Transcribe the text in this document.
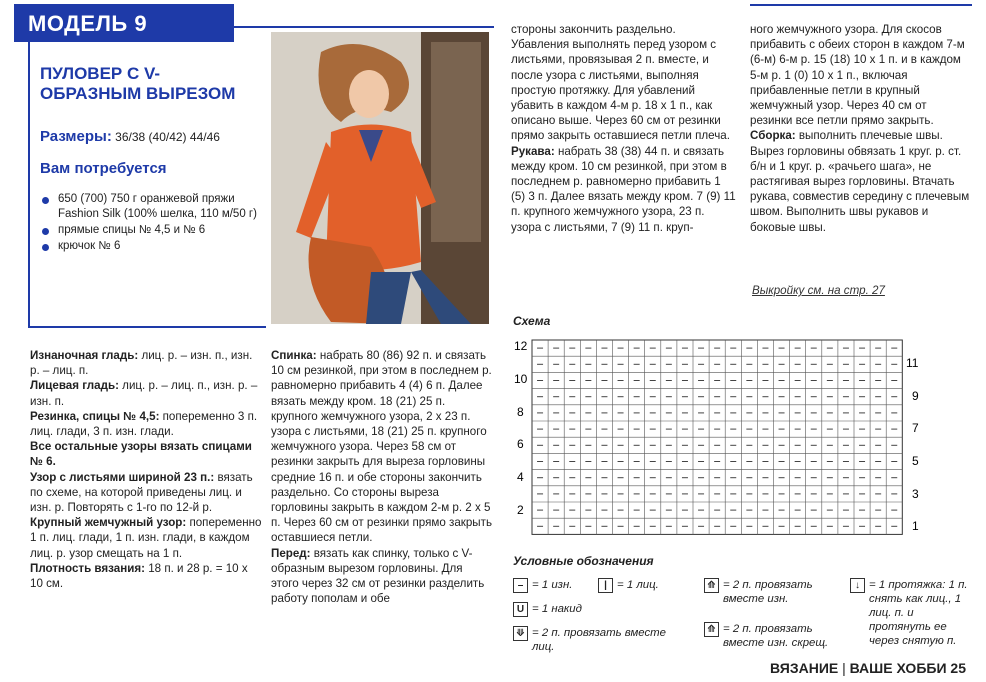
МОДЕЛЬ 9
ПУЛОВЕР С V-ОБРАЗНЫМ ВЫРЕЗОМ
Размеры: 36/38 (40/42) 44/46
Вам потребуется
650 (700) 750 г оранжевой пряжи Fashion Silk (100% шелка, 110 м/50 г)
прямые спицы № 4,5 и № 6
крючок № 6

Изнаночная гладь: лиц. р. – изн. п., изн. р. – лиц. п.

Лицевая гладь: лиц. р. – лиц. п., изн. р. – изн. п.

Резинка, спицы № 4,5: попеременно 3 п. лиц. глади, 3 п. изн. глади.

Все остальные узоры вязать спицами № 6.

Узор с листьями шириной 23 п.: вязать по схеме, на которой приведены лиц. и изн. р. Повторять с 1-го по 12-й р.

Крупный жемчужный узор: попеременно 1 п. лиц. глади, 1 п. изн. глади, в каждом лиц. р. узор смещать на 1 п.

Плотность вязания: 18 п. и 28 р. = 10 х 10 см.

Спинка: набрать 80 (86) 92 п. и связать 10 см резинкой, при этом в последнем р. равномерно прибавить 4 (4) 6 п. Далее вязать между кром. 18 (21) 25 п. крупного жемчужного узора, 2 х 23 п. узора с листьями, 18 (21) 25 п. крупного жемчужного узора. Через 58 см от резинки закрыть для выреза горловины средние 16 п. и обе стороны закончить раздельно. Со стороны выреза горловины закрыть в каждом 2-м р. 2 х 5 п. Через 60 см от резинки прямо закрыть оставшиеся петли.

Перед: вязать как спинку, только с V-образным вырезом горловины. Для этого через 32 см от резинки разделить работу пополам и обе

стороны закончить раздельно. Убавления выполнять перед узором с листьями, провязывая 2 п. вместе, и после узора с листьями, выполняя простую протяжку. Для убавлений убавить в каждом 4-м р. 18 х 1 п., как описано выше. Через 60 см от резинки прямо закрыть оставшиеся петли плеча.

Рукава: набрать 38 (38) 44 п. и связать между кром. 10 см резинкой, при этом в последнем р. равномерно прибавить 1 (5) 3 п. Далее вязать между кром. 7 (9) 11 п. крупного жемчужного узора, 23 п. узора с листьями, 7 (9) 11 п. круп-

ного жемчужного узора. Для скосов прибавить с обеих сторон в каждом 7-м (6-м) 6-м р. 15 (18) 10 х 1 п. и в каждом 5-м р. 1 (0) 10 х 1 п., включая прибавленные петли в крупный жемчужный узор. Через 40 см от резинки все петли прямо закрыть.

Сборка: выполнить плечевые швы. Вырез горловины обвязать 1 круг. р. ст. б/н и 1 круг. р. «рачьего шага», не растягивая вырез горловины. Втачать рукава, совместив середину с плечевым швом. Выполнить швы рукавов и боковые швы.

Выкройку см. на стр. 27
Схема
12
10
8
6
4
2
11
9
7
5
3
1
Условные обозначения
– = 1 изн.	| = 1 лиц.	⟰ = 2 п. провязать вместе изн.
↓ = 1 протяжка: 1 п. снять как лиц., 1 лиц. п. и протянуть ее через снятую п.
U = 1 накид
⟱ = 2 п. провязать вместе лиц.
⟰ = 2 п. провязать вместе изн. скрещ.
ВЯЗАНИЕ | ВАШЕ ХОББИ 25
